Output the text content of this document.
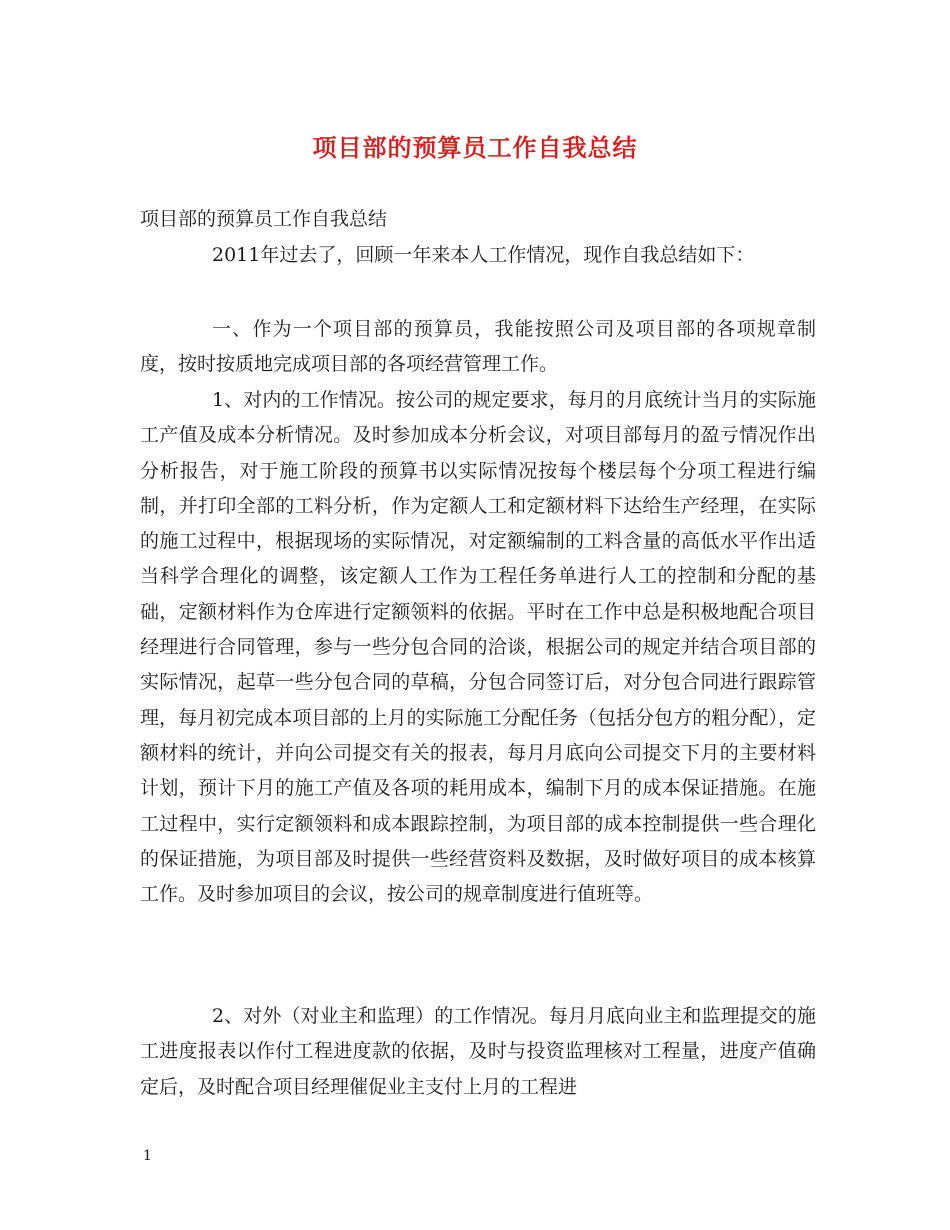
项目部的预算员工作自我总结

项目部的预算员工作自我总结

2011年过去了，回顾一年来本人工作情况，现作自我总结如下：

一、作为一个项目部的预算员，我能按照公司及项目部的各项规章制度，按时按质地完成项目部的各项经营管理工作。

1、对内的工作情况。按公司的规定要求，每月的月底统计当月的实际施工产值及成本分析情况。及时参加成本分析会议，对项目部每月的盈亏情况作出分析报告，对于施工阶段的预算书以实际情况按每个楼层每个分项工程进行编制，并打印全部的工料分析，作为定额人工和定额材料下达给生产经理，在实际的施工过程中，根据现场的实际情况，对定额编制的工料含量的高低水平作出适当科学合理化的调整，该定额人工作为工程任务单进行人工的控制和分配的基础，定额材料作为仓库进行定额领料的依据。平时在工作中总是积极地配合项目经理进行合同管理，参与一些分包合同的洽谈，根据公司的规定并结合项目部的实际情况，起草一些分包合同的草稿，分包合同签订后，对分包合同进行跟踪管理，每月初完成本项目部的上月的实际施工分配任务（包括分包方的粗分配），定额材料的统计，并向公司提交有关的报表，每月月底向公司提交下月的主要材料计划，预计下月的施工产值及各项的耗用成本，编制下月的成本保证措施。在施工过程中，实行定额领料和成本跟踪控制，为项目部的成本控制提供一些合理化的保证措施，为项目部及时提供一些经营资料及数据，及时做好项目的成本核算工作。及时参加项目的会议，按公司的规章制度进行值班等。

2、对外（对业主和监理）的工作情况。每月月底向业主和监理提交的施工进度报表以作付工程进度款的依据，及时与投资监理核对工程量，进度产值确定后，及时配合项目经理催促业主支付上月的工程进

1
